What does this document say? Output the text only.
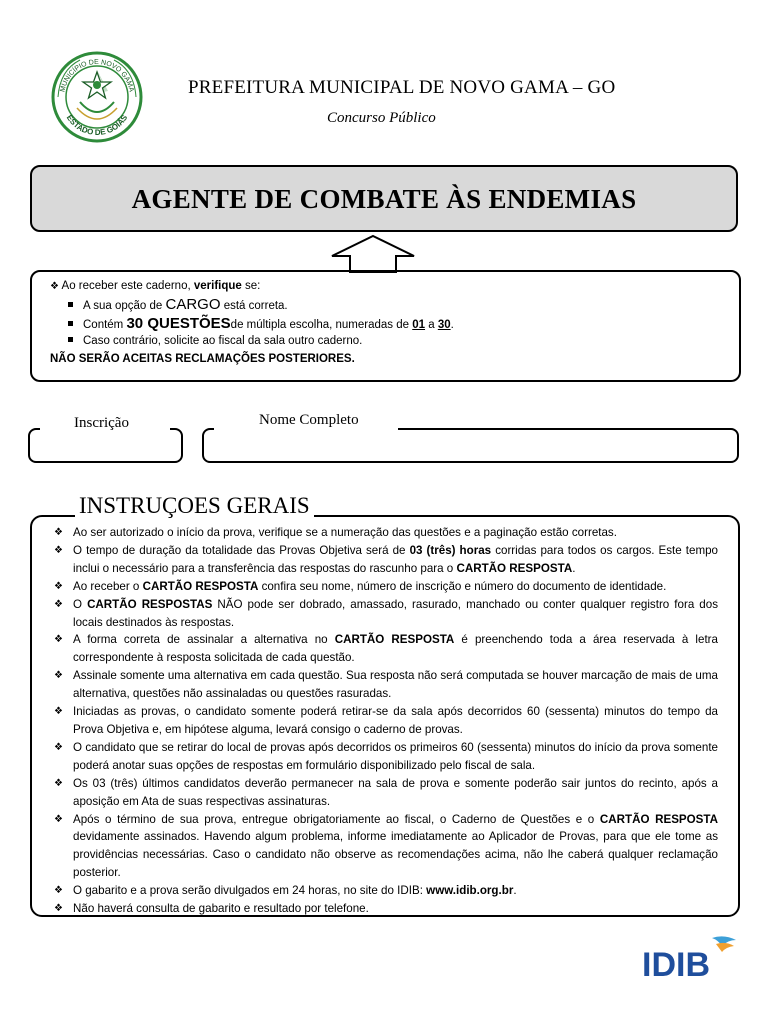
MUNICÍPIO DE NOVO GAMA
ESTADO DE GOIÁS
PREFEITURA MUNICIPAL DE NOVO GAMA – GO
Concurso Público
AGENTE DE COMBATE ÀS ENDEMIAS
❖ Ao receber este caderno, verifique se:
A sua opção de CARGO está correta.
Contém 30 QUESTÕESde múltipla escolha, numeradas de 01 a 30.
Caso contrário, solicite ao fiscal da sala outro caderno.
NÃO SERÃO ACEITAS RECLAMAÇÕES POSTERIORES.
Inscrição	Nome Completo
INSTRUÇOES GERAIS
❖ Ao ser autorizado o início da prova, verifique se a numeração das questões e a paginação estão corretas.
❖ O tempo de duração da totalidade das Provas Objetiva será de 03 (três) horas corridas para todos os cargos. Este tempo inclui o necessário para a transferência das respostas do rascunho para o CARTÃO RESPOSTA.
❖ Ao receber o CARTÃO RESPOSTA confira seu nome, número de inscrição e número do documento de identidade.
❖ O CARTÃO RESPOSTAS NÃO pode ser dobrado, amassado, rasurado, manchado ou conter qualquer registro fora dos locais destinados às respostas.
❖ A forma correta de assinalar a alternativa no CARTÃO RESPOSTA é preenchendo toda a área reservada à letra correspondente à resposta solicitada de cada questão.
❖ Assinale somente uma alternativa em cada questão. Sua resposta não será computada se houver marcação de mais de uma alternativa, questões não assinaladas ou questões rasuradas.
❖ Iniciadas as provas, o candidato somente poderá retirar-se da sala após decorridos 60 (sessenta) minutos do tempo da Prova Objetiva e, em hipótese alguma, levará consigo o caderno de provas.
❖ O candidato que se retirar do local de provas após decorridos os primeiros 60 (sessenta) minutos do início da prova somente poderá anotar suas opções de respostas em formulário disponibilizado pelo fiscal de sala.
❖ Os 03 (três) últimos candidatos deverão permanecer na sala de prova e somente poderão sair juntos do recinto, após a aposição em Ata de suas respectivas assinaturas.
❖ Após o término de sua prova, entregue obrigatoriamente ao fiscal, o Caderno de Questões e o CARTÃO RESPOSTA devidamente assinados. Havendo algum problema, informe imediatamente ao Aplicador de Provas, para que ele tome as providências necessárias. Caso o candidato não observe as recomendações acima, não lhe caberá qualquer reclamação posterior.
❖ O gabarito e a prova serão divulgados em 24 horas, no site do IDIB: www.idib.org.br.
❖ Não haverá consulta de gabarito e resultado por telefone.
IDIB
